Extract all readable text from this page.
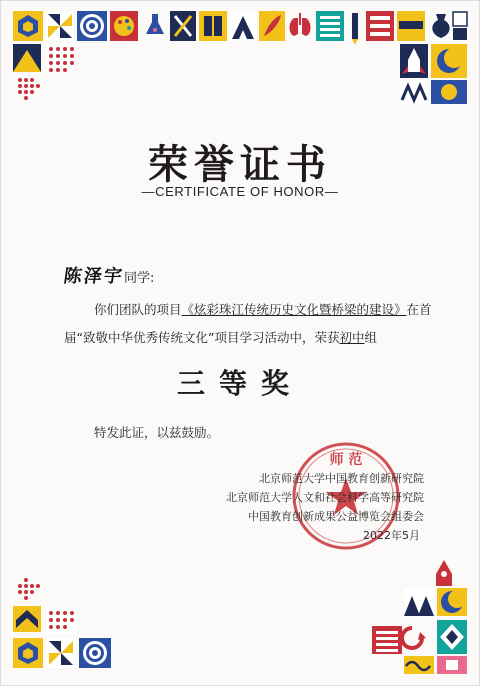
荣誉证书
—CERTIFICATE OF HONOR—
陈泽宇同学:
你们团队的项目《炫彩珠江传统历史文化暨桥梁的建设》在首
届“致敬中华优秀传统文化”项目学习活动中，荣获初中组
三等奖
特发此证，以兹鼓励。
师 范
北京师范大学中国教育创新研究院
北京师范大学人文和社会科学高等研究院
中国教育创新成果公益博览会组委会
2022年5月
